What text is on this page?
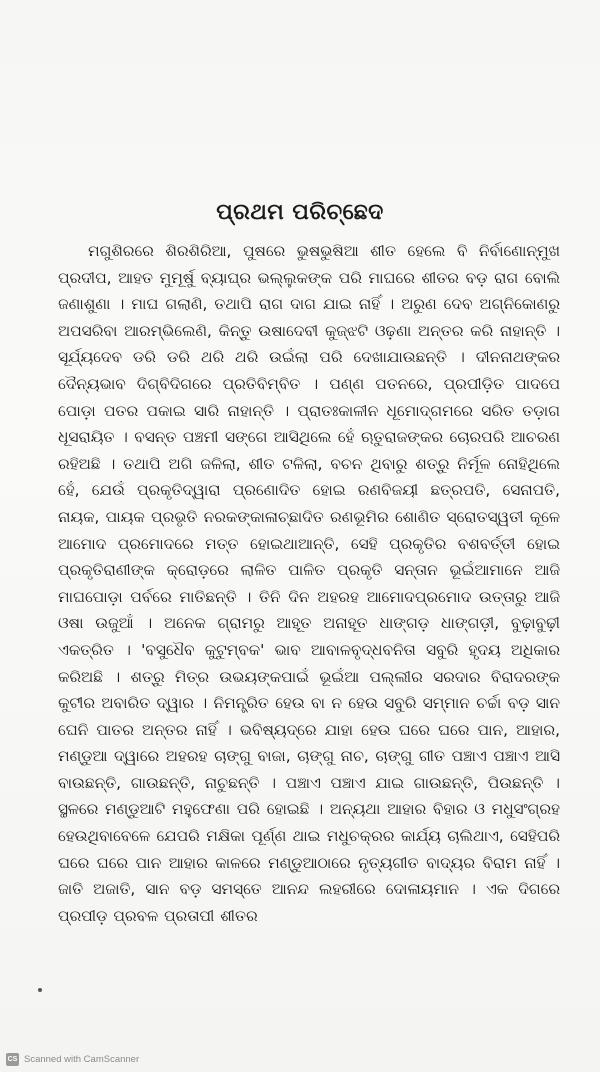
ପ୍ରଥମ ପରିଚ୍ଛେଦ

ମଗୁଶିରରେ ଶିରଶିରିଆ, ପୁଷରେ ଭୁଷଭୁଷିଆ ଶୀତ ହେଲେ ବି ନିର୍ବାଣୋନ୍ମୁଖ ପ୍ରଦୀପ, ଆହତ ମୁମୂର୍ଷୁ ବ୍ୟାଘ୍ର ଭଲ୍ଲୁକଙ୍କ ପରି ମାଘରେ ଶୀତର ବଡ଼ ରାଗ ବୋଲି ଜଣାଶୁଣା । ମାଘ ଗଲାଣି, ତଥାପି ରାଗ ଦାଗ ଯାଇ ନାହିଁ । ଅରୁଣ ଦେବ ଅଗ୍ନିକୋଣରୁ ଅପସରିବା ଆରମ୍ଭିଲେଣି, କିନ୍ତୁ ଉଷାଦେବୀ କୁଜ୍ଝଟି ଓଢ଼ଣା ଅନ୍ତର କରି ନାହାନ୍ତି । ସୂର୍ଯ୍ୟଦେବ ଡରି ଡରି ଥରି ଥରି ଉଇଁଲା ପରି ଦେଖାଯାଉଛନ୍ତି । ଦୀନନାଥଙ୍କର ଦୈନ୍ୟଭାବ ଦିଗ୍‌ବିଦିଗରେ ପ୍ରତିବିମ୍ବିତ । ପଣ୍ଣ ପତନରେ, ପ୍ରପୀଡ଼ିତ ପାଦପେ ପୋଡ଼ା ପତର ପକାଇ ସାରି ନାହାନ୍ତି । ପ୍ରାତଃକାଳୀନ ଧୂମୋଦ୍‌ଗମରେ ସରିତ ତଡ଼ାଗ ଧୂସରାୟିତ । ବସନ୍ତ ପଞ୍ଚମୀ ସଙ୍ଗେ ଆସିଥିଲେ ହେଁ ଋତୁରାଜଙ୍କର ଚୋରପରି ଆଚରଣ ରହିଅଛି । ତଥାପି ଅଗି ଜଳିଲା, ଶୀତ ଟଳିଲା, ବଚନ ଥିବାରୁ ଶତ୍ରୁ ନିର୍ମୂଳ ନୋହିଥିଲେ ହେଁ, ଯେଉଁ ପ୍ରକୃତିଦ୍ୱାରା ପ୍ରଣୋଦିତ ହୋଇ ରଣବିଜୟୀ ଛତ୍ରପତି, ସେନାପତି, ନାୟକ, ପାୟକ ପ୍ରଭୃତି ନରକଙ୍କାଳାଚ୍ଛାଦିତ ରଣଭୂମିର ଶୋଣିତ ସ୍ରୋତସ୍ୱତୀ କୂଳେ ଆମୋଦ ପ୍ରମୋଦରେ ମତ୍ତ ହୋଇଥାଆନ୍ତି, ସେହି ପ୍ରକୃତିର ବଶବର୍ତ୍ତୀ ହୋଇ ପ୍ରକୃତିରାଣୀଙ୍କ କ୍ରୋଡ଼ରେ ଲାଳିତ ପାଳିତ ପ୍ରକୃତି ସନ୍ତାନ ଭୂଇଁଆମାନେ ଆଜି ମାଘପୋଡ଼ା ପର୍ବରେ ମାତିଛନ୍ତି । ତିନି ଦିନ ଅହରହ ଆମୋଦପ୍ରମୋଦ ଉତ୍ତାରୁ ଆଜି ଓଷା ଉଜୁଆଁ । ଅନେକ ଗ୍ରାମରୁ ଆହୂତ ଅନାହୂତ ଧାଙ୍ଗଡ଼ ଧାଙ୍ଗଡ଼ୀ, ବୁଢ଼ାବୁଢ଼ୀ ଏକତ୍ରିତ । 'ବସୁଧୈବ କୁଟୁମ୍ବକ' ଭାବ ଆବାଳବୃଦ୍ଧବନିତା ସବୁରି ହୃଦୟ ଅଧିକାର କରିଅଛି । ଶତ୍ରୁ ମିତ୍ର ଉଭୟଙ୍କପାଇଁ ଭୂଇଁଆ ପଲ୍ଲୀର ସରଦାର ବିରାଦରଙ୍କ କୁଟୀର ଅବାରିତ ଦ୍ୱାର । ନିମନ୍ତ୍ରିତ ହେଉ ବା ନ ହେଉ ସବୁରି ସମ୍ମାନ ଚର୍ଚ୍ଚା ବଡ଼ ସାନ ଘେନି ପାତର ଅନ୍ତର ନାହିଁ । ଭବିଷ୍ୟଦ୍‌ରେ ଯାହା ହେଉ ଘରେ ଘରେ ପାନ, ଆହାର, ମଣ୍ଡୁଆ ଦ୍ୱାରେ ଅହରହ ଚାଙ୍ଗୁ ବାଜା, ଚାଙ୍ଗୁ ନାଚ, ଚାଙ୍ଗୁ ଗୀତ ପଞ୍ଚାଏ ପଞ୍ଚାଏ ଆସି ବାଉଛନ୍ତି, ଗାଉଛନ୍ତି, ନାଚୁଛନ୍ତି । ପଞ୍ଚାଏ ପଞ୍ଚାଏ ଯାଇ ଗାଉଛନ୍ତି, ପିଉଛନ୍ତି । ସ୍ଥଳରେ ମଣ୍ଡୁଆଟି ମହୁଫେଣା ପରି ହୋଇଛି । ଅନ୍ୟଥା ଆହାର ବିହାର ଓ ମଧୁସଂଗ୍ରହ ହେଉଥିବାବେଳେ ଯେପରି ମକ୍ଷିକା ପୂର୍ଣ୍ଣ ଥାଇ ମଧୁଚକ୍ରର କାର୍ଯ୍ୟ ଚାଲିଥାଏ, ସେହିପରି ଘରେ ଘରେ ପାନ ଆହାର କାଳରେ ମଣ୍ଡୁଆଠାରେ ନୃତ୍ୟଗୀତ ବାଦ୍ୟର ବିରାମ ନାହିଁ । ଜାତି ଅଜାତି, ସାନ ବଡ଼ ସମସ୍ତେ ଆନନ୍ଦ ଲହରୀରେ ଦୋଳାୟମାନ । ଏକ ଦିଗରେ ପ୍ରପୀଡ଼ ପ୍ରବଳ ପ୍ରତାପୀ ଶୀତର

CS Scanned with CamScanner
